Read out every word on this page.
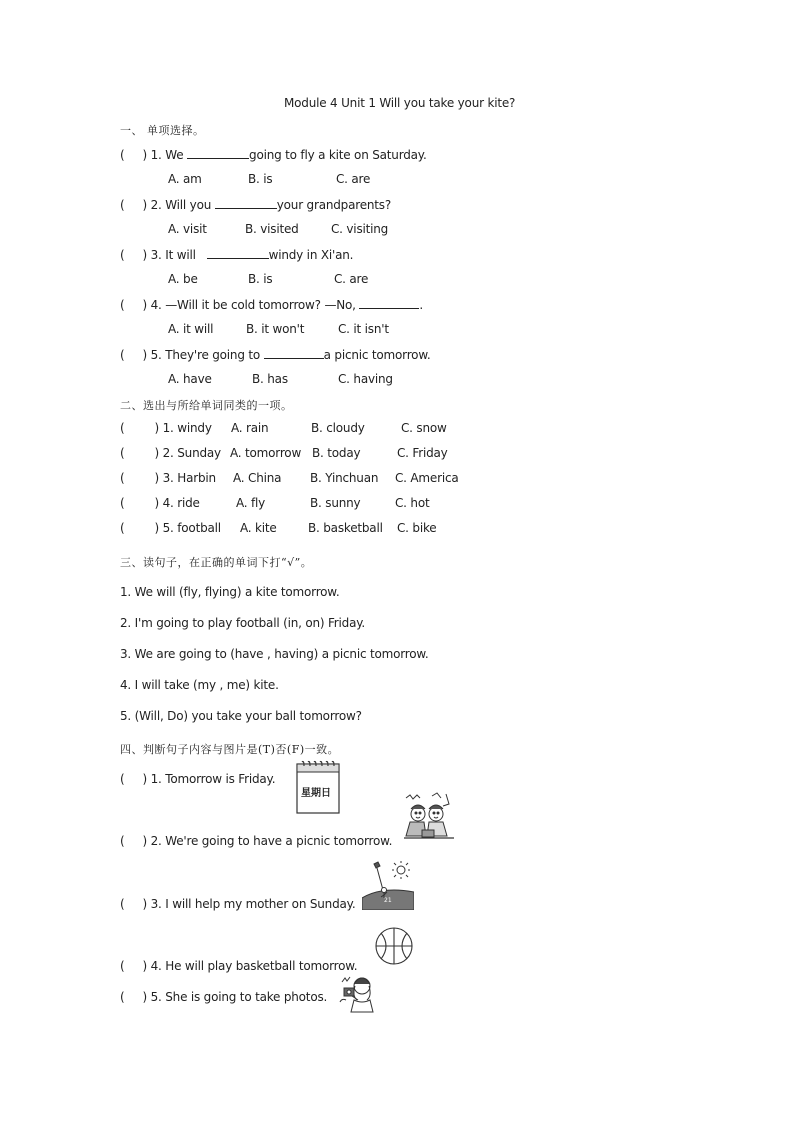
Module 4 Unit 1 Will you take your kite?
一、 单项选择。
( ) 1. We	going to fly a kite on Saturday.
A. am	B. is	C. are
( ) 2. Will you	your grandparents?
A. visit	B. visited	C. visiting
( ) 3. It will	windy in Xi'an.
A. be	B. is	C. are
( ) 4. —Will it be cold tomorrow? —No,	.
A. it will	B. it won't	C. it isn't
( ) 5. They're going to	a picnic tomorrow.
A. have	B. has	C. having
二、选出与所给单词同类的一项。
(	) 1. windy A. rain	B. cloudy	C. snow
(	) 2. Sunday A. tomorrow B. today	C. Friday
(	) 3. Harbin A. China B. Yinchuan C. America
(	) 4. ride	A. fly	B. sunny	C. hot
(	) 5. football A. kite	B. basketball C. bike
三、读句子，在正确的单词下打“√”。
1. We will (fly, flying) a kite tomorrow.
2. I'm going to play football (in, on) Friday.
3. We are going to (have , having) a picnic tomorrow.
4. I will take (my , me) kite.
5. (Will, Do) you take your ball tomorrow?
四、判断句子内容与图片是(T)否(F)一致。
( ) 1. Tomorrow is Friday.
( ) 2. We're going to have a picnic tomorrow.
( ) 3. I will help my mother on Sunday.
( ) 4. He will play basketball tomorrow.
( ) 5. She is going to take photos.
星期日
21
